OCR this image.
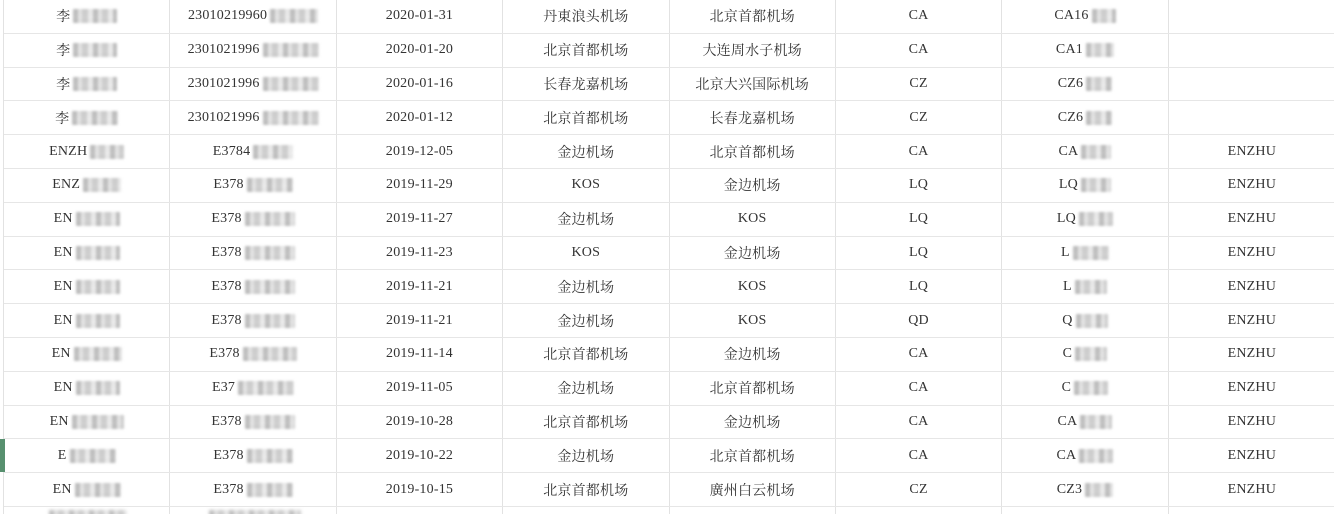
李	23010219960	2020-01-31	丹東浪头机场	北京首都机场	CA	CA16
李	2301021996	2020-01-20	北京首都机场	大连周水子机场	CA	CA1
李	2301021996	2020-01-16	长春龙嘉机场	北京大兴国际机场	CZ	CZ6
李	2301021996	2020-01-12	北京首都机场	长春龙嘉机场	CZ	CZ6
ENZH	E3784	2019-12-05	金边机场	北京首都机场	CA	CA	ENZHU
ENZ	E378	2019-11-29	KOS	金边机场	LQ	LQ	ENZHU
EN	E378	2019-11-27	金边机场	KOS	LQ	LQ	ENZHU
EN	E378	2019-11-23	KOS	金边机场	LQ	L	ENZHU
EN	E378	2019-11-21	金边机场	KOS	LQ	L	ENZHU
EN	E378	2019-11-21	金边机场	KOS	QD	Q	ENZHU
EN	E378	2019-11-14	北京首都机场	金边机场	CA	C	ENZHU
EN	E37	2019-11-05	金边机场	北京首都机场	CA	C	ENZHU
EN	E378	2019-10-28	北京首都机场	金边机场	CA	CA	ENZHU
E	E378	2019-10-22	金边机场	北京首都机场	CA	CA	ENZHU
EN	E378	2019-10-15	北京首都机场	廣州白云机场	CZ	CZ3	ENZHU
